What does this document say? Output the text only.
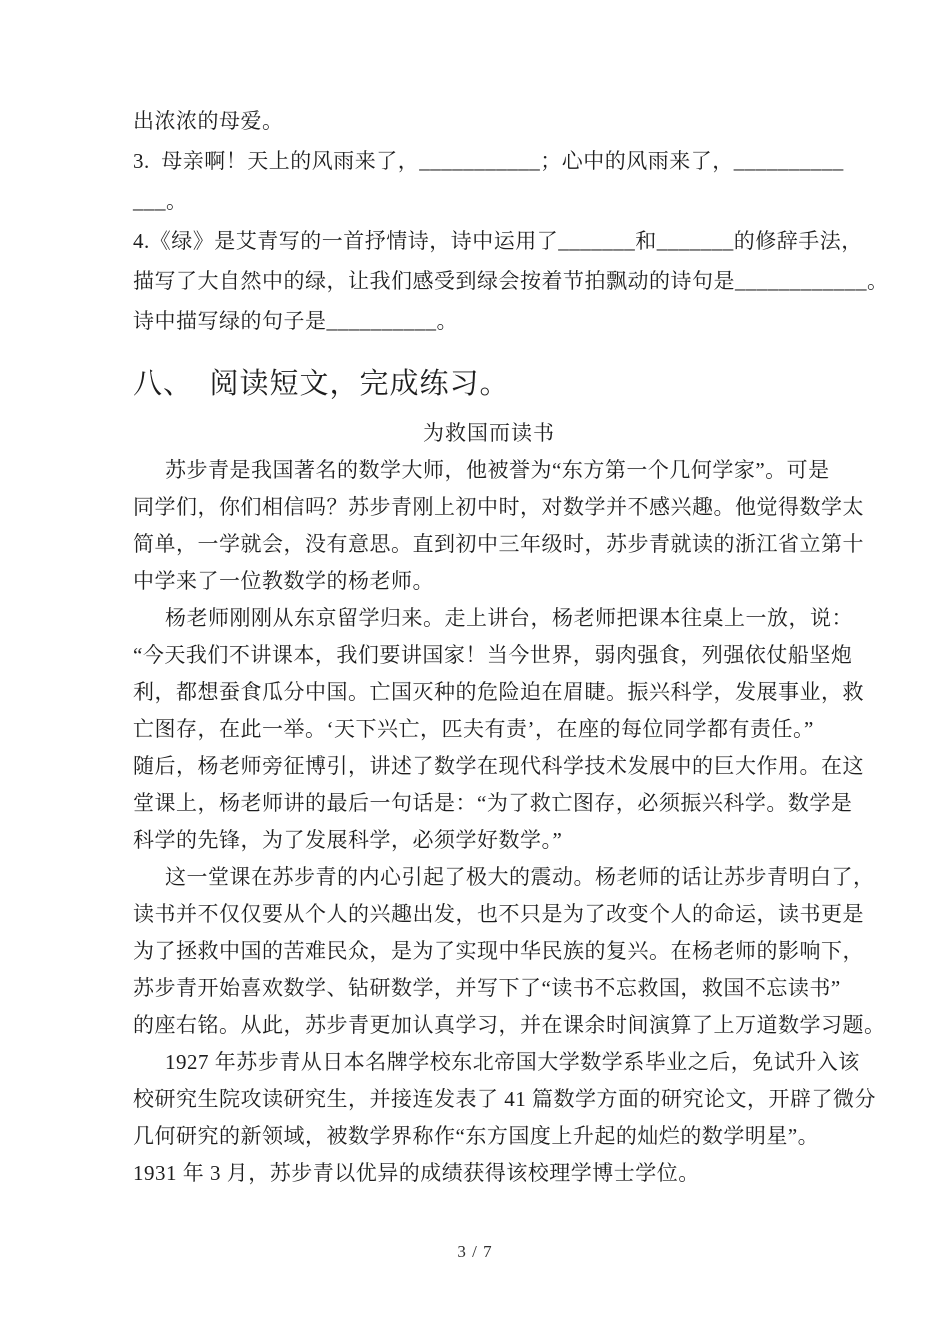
出浓浓的母爱。
3.  母亲啊！天上的风雨来了，___________；心中的风雨来了，__________
___。
4.《绿》是艾青写的一首抒情诗，诗中运用了_______和_______的修辞手法，
描写了大自然中的绿，让我们感受到绿会按着节拍飘动的诗句是____________。
诗中描写绿的句子是__________。
八、  阅读短文，完成练习。
为救国而读书
苏步青是我国著名的数学大师，他被誉为“东方第一个几何学家”。可是
同学们，你们相信吗？苏步青刚上初中时，对数学并不感兴趣。他觉得数学太
简单，一学就会，没有意思。直到初中三年级时，苏步青就读的浙江省立第十
中学来了一位教数学的杨老师。
杨老师刚刚从东京留学归来。走上讲台，杨老师把课本往桌上一放，说：
“今天我们不讲课本，我们要讲国家！当今世界，弱肉强食，列强依仗船坚炮
利，都想蚕食瓜分中国。亡国灭种的危险迫在眉睫。振兴科学，发展事业，救
亡图存，在此一举。‘天下兴亡，匹夫有责’，在座的每位同学都有责任。”
随后，杨老师旁征博引，讲述了数学在现代科学技术发展中的巨大作用。在这
堂课上，杨老师讲的最后一句话是：“为了救亡图存，必须振兴科学。数学是
科学的先锋，为了发展科学，必须学好数学。”
这一堂课在苏步青的内心引起了极大的震动。杨老师的话让苏步青明白了，
读书并不仅仅要从个人的兴趣出发，也不只是为了改变个人的命运，读书更是
为了拯救中国的苦难民众，是为了实现中华民族的复兴。在杨老师的影响下，
苏步青开始喜欢数学、钻研数学，并写下了“读书不忘救国，救国不忘读书”
的座右铭。从此，苏步青更加认真学习，并在课余时间演算了上万道数学习题。
1927 年苏步青从日本名牌学校东北帝国大学数学系毕业之后，免试升入该
校研究生院攻读研究生，并接连发表了 41 篇数学方面的研究论文，开辟了微分
几何研究的新领域，被数学界称作“东方国度上升起的灿烂的数学明星”。
1931 年 3 月，苏步青以优异的成绩获得该校理学博士学位。
3 / 7
